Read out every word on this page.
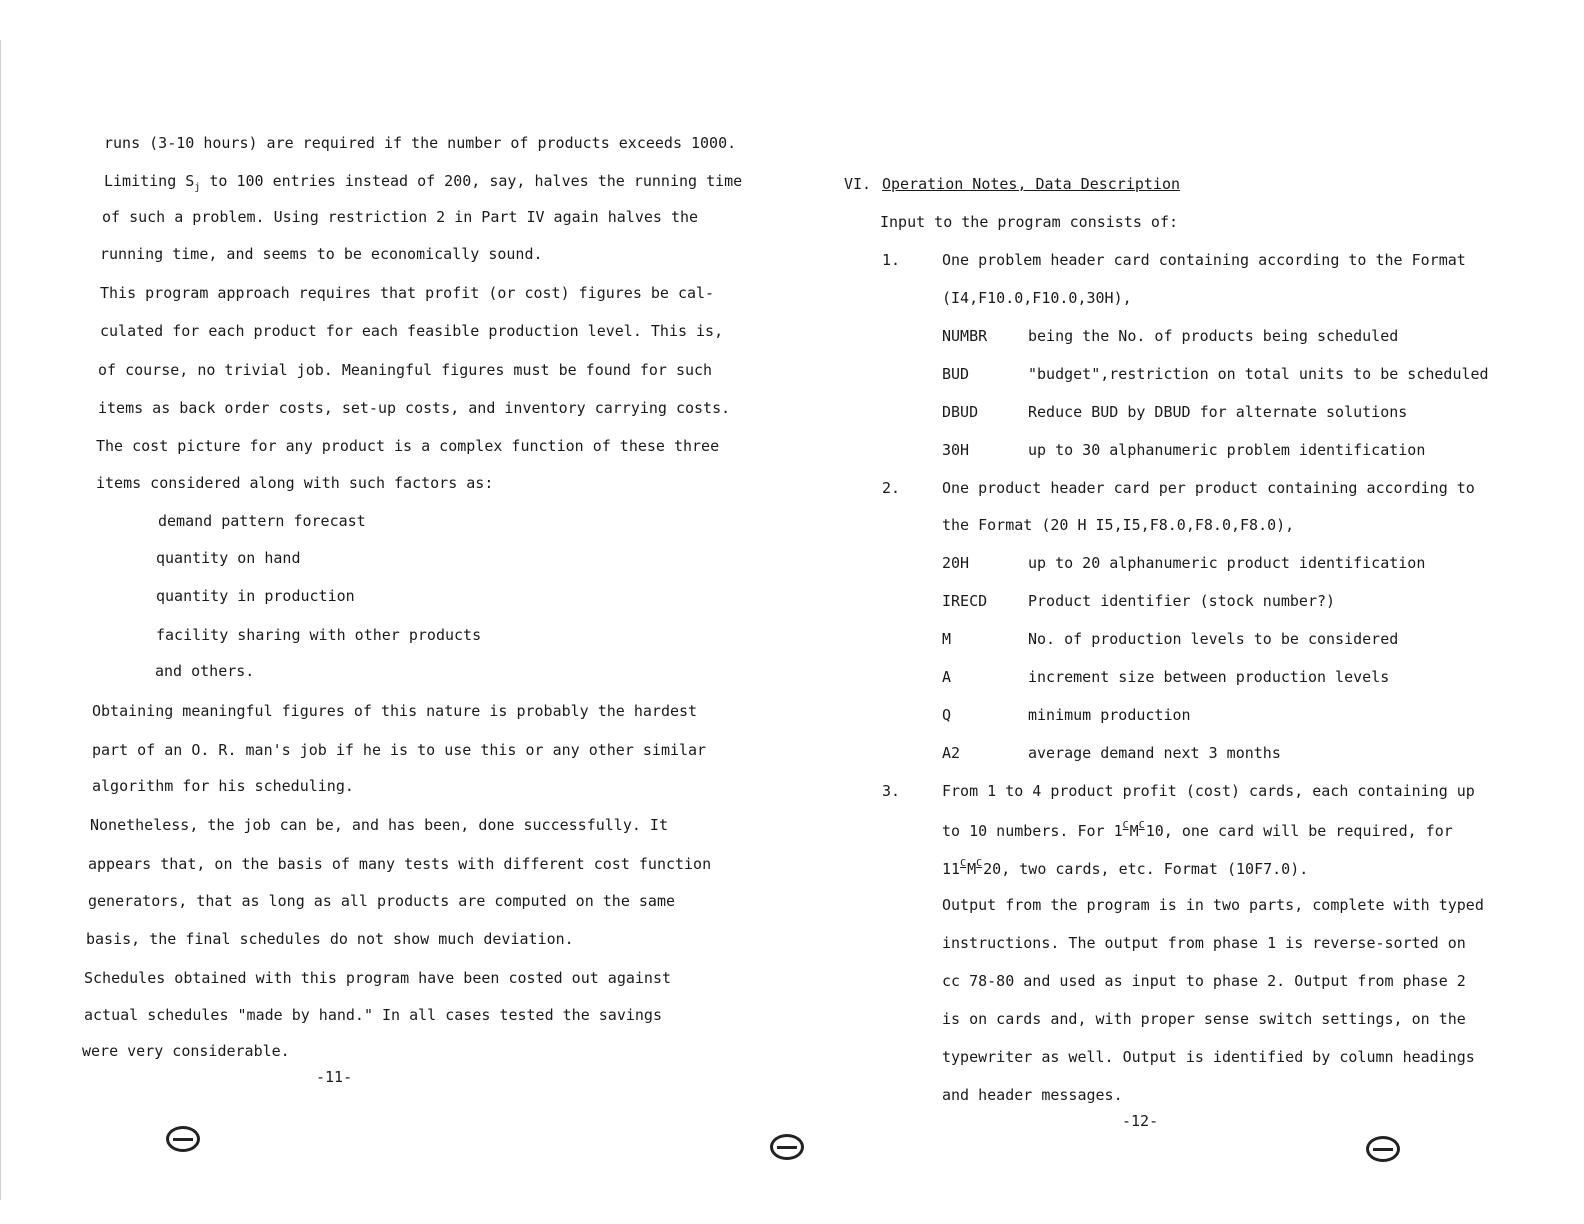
runs (3-10 hours) are required if the number of products exceeds 1000.
Limiting $S_j$ to 100 entries instead of 200, say, halves the running time
of such a problem. Using restriction 2 in Part IV again halves the
running time, and seems to be economically sound.
This program approach requires that profit (or cost) figures be cal-
culated for each product for each feasible production level. This is,
of course, no trivial job. Meaningful figures must be found for such
items as back order costs, set-up costs, and inventory carrying costs.
The cost picture for any product is a complex function of these three
items considered along with such factors as:
demand pattern forecast
quantity on hand
quantity in production
facility sharing with other products
and others.
Obtaining meaningful figures of this nature is probably the hardest
part of an O. R. man's job if he is to use this or any other similar
algorithm for his scheduling.
Nonetheless, the job can be, and has been, done successfully. It
appears that, on the basis of many tests with different cost function
generators, that as long as all products are computed on the same
basis, the final schedules do not show much deviation.
Schedules obtained with this program have been costed out against
actual schedules "made by hand." In all cases tested the savings
were very considerable.
-11-
VI. Operation Notes, Data Description
Input to the program consists of:
1.	One problem header card containing according to the Format
(I4,F10.0,F10.0,30H),
NUMBR	being the No. of products being scheduled
BUD	"budget",restriction on total units to be scheduled
DBUD	Reduce BUD by DBUD for alternate solutions
30H	up to 30 alphanumeric problem identification
2.	One product header card per product containing according to
the Format (20 H I5,I5,F8.0,F8.0,F8.0),
20H	up to 20 alphanumeric product identification
IRECD	Product identifier (stock number?)
M	No. of production levels to be considered
A	increment size between production levels
Q	minimum production
A2	average demand next 3 months
3.	From 1 to 4 product profit (cost) cards, each containing up
to 10 numbers. For $1^CM^C10$, one card will be required, for
$11^CM^C20$, two cards, etc. Format (10F7.0).
Output from the program is in two parts, complete with typed
instructions. The output from phase 1 is reverse-sorted on
cc 78-80 and used as input to phase 2. Output from phase 2
is on cards and, with proper sense switch settings, on the
typewriter as well. Output is identified by column headings
and header messages.
-12-
